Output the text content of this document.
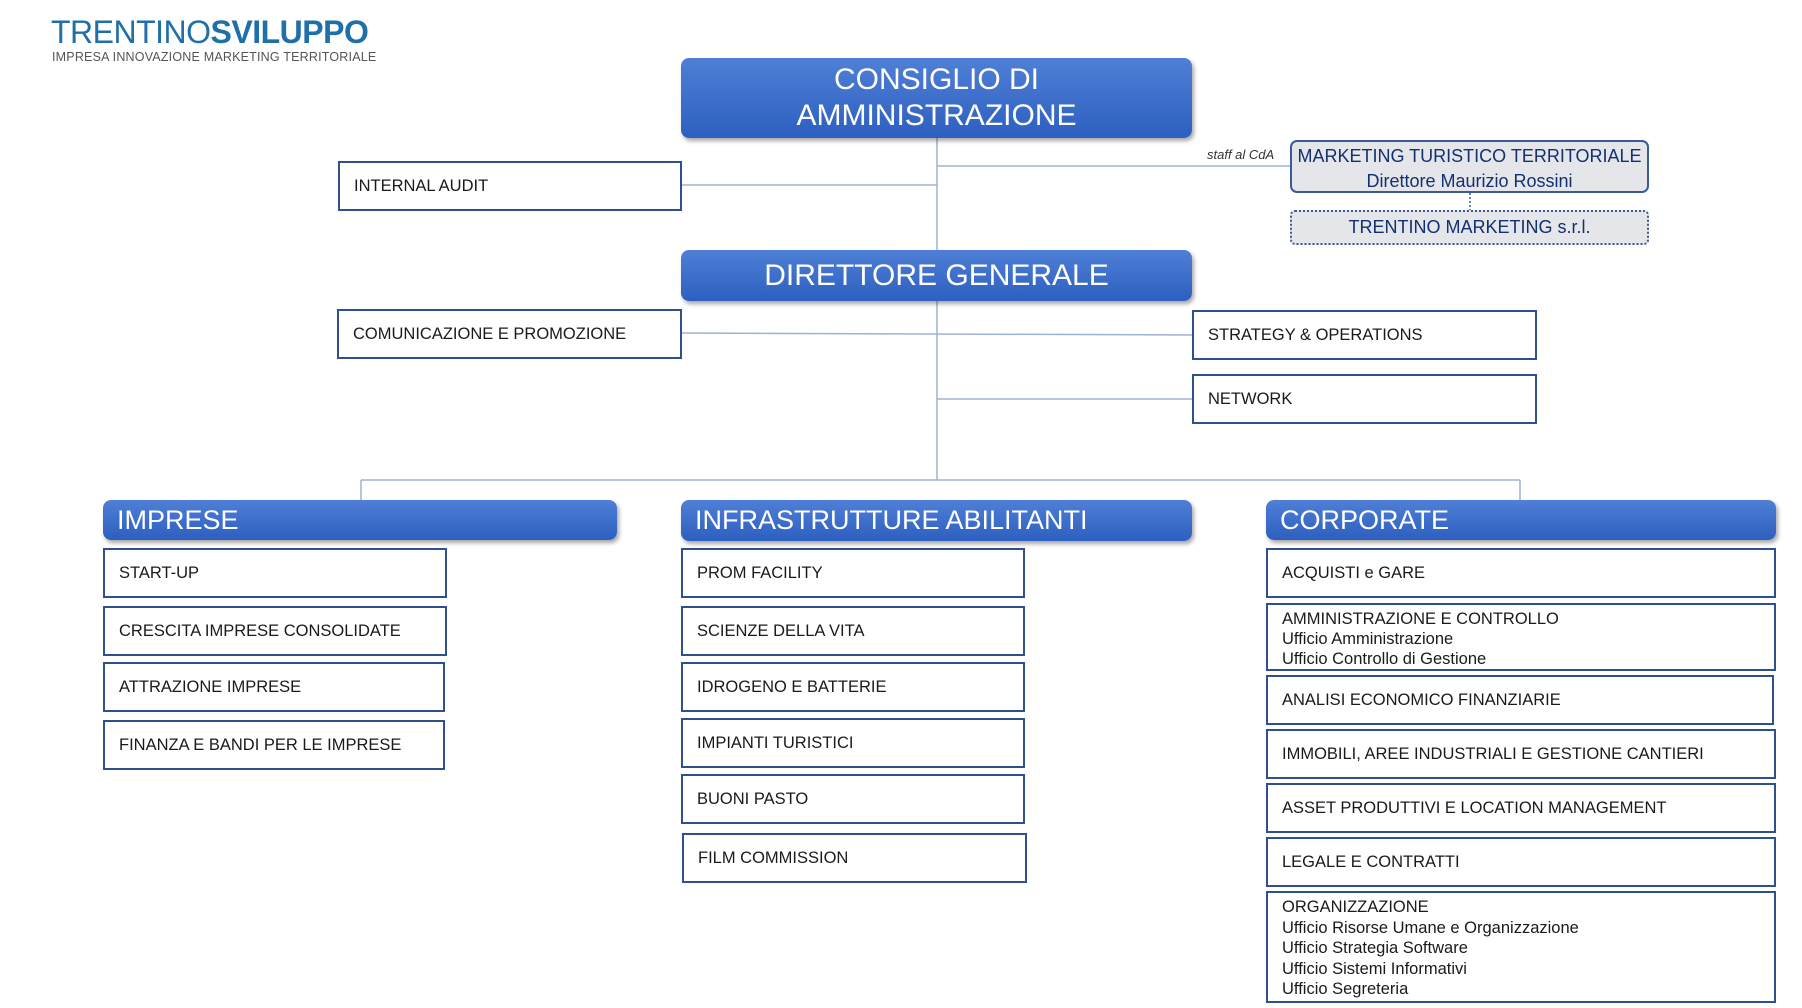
TRENTINOSVILUPPO
IMPRESA INNOVAZIONE MARKETING TERRITORIALE
CONSIGLIO DI
AMMINISTRAZIONE
INTERNAL AUDIT
staff al CdA	MARKETING TURISTICO TERRITORIALE
Direttore Maurizio Rossini
TRENTINO MARKETING s.r.l.
DIRETTORE GENERALE
COMUNICAZIONE E PROMOZIONE	STRATEGY & OPERATIONS
NETWORK
IMPRESE	INFRASTRUTTURE ABILITANTI	CORPORATE
START-UP
CRESCITA IMPRESE CONSOLIDATE
ATTRAZIONE IMPRESE
FINANZA E BANDI PER LE IMPRESE
PROM FACILITY
SCIENZE DELLA VITA
IDROGENO E BATTERIE
IMPIANTI TURISTICI
BUONI PASTO
FILM COMMISSION
ACQUISTI e GARE
AMMINISTRAZIONE E CONTROLLO
Ufficio Amministrazione
Ufficio Controllo di Gestione
ANALISI ECONOMICO FINANZIARIE
IMMOBILI, AREE INDUSTRIALI E GESTIONE CANTIERI
ASSET PRODUTTIVI E LOCATION MANAGEMENT
LEGALE E CONTRATTI
ORGANIZZAZIONE
Ufficio Risorse Umane e Organizzazione
Ufficio Strategia Software
Ufficio Sistemi Informativi
Ufficio Segreteria
